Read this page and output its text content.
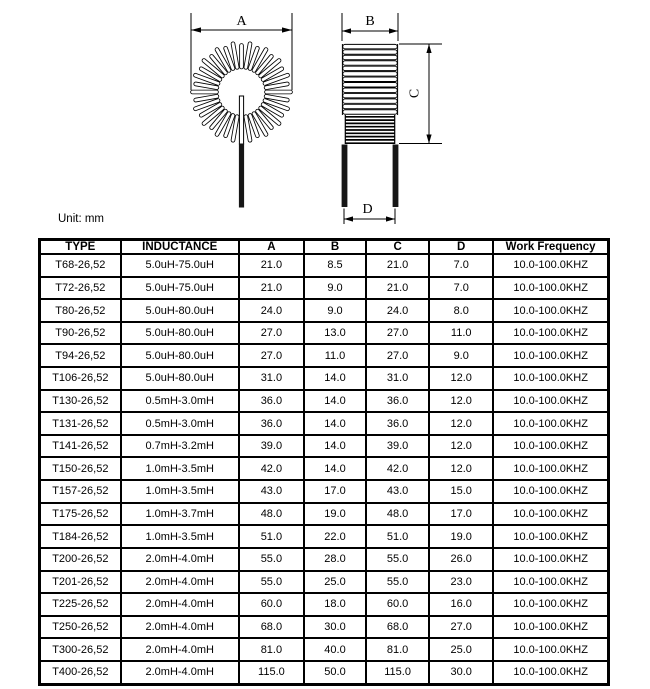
A	B
C
D
Unit: mm
TYPE	INDUCTANCE	A	B	C	D	Work Frequency
T68-26,52	5.0uH-75.0uH	21.0	8.5	21.0	7.0	10.0-100.0KHZ
T72-26,52	5.0uH-75.0uH	21.0	9.0	21.0	7.0	10.0-100.0KHZ
T80-26,52	5.0uH-80.0uH	24.0	9.0	24.0	8.0	10.0-100.0KHZ
T90-26,52	5.0uH-80.0uH	27.0	13.0	27.0	11.0	10.0-100.0KHZ
T94-26,52	5.0uH-80.0uH	27.0	11.0	27.0	9.0	10.0-100.0KHZ
T106-26,52	5.0uH-80.0uH	31.0	14.0	31.0	12.0	10.0-100.0KHZ
T130-26,52	0.5mH-3.0mH	36.0	14.0	36.0	12.0	10.0-100.0KHZ
T131-26,52	0.5mH-3.0mH	36.0	14.0	36.0	12.0	10.0-100.0KHZ
T141-26,52	0.7mH-3.2mH	39.0	14.0	39.0	12.0	10.0-100.0KHZ
T150-26,52	1.0mH-3.5mH	42.0	14.0	42.0	12.0	10.0-100.0KHZ
T157-26,52	1.0mH-3.5mH	43.0	17.0	43.0	15.0	10.0-100.0KHZ
T175-26,52	1.0mH-3.7mH	48.0	19.0	48.0	17.0	10.0-100.0KHZ
T184-26,52	1.0mH-3.5mH	51.0	22.0	51.0	19.0	10.0-100.0KHZ
T200-26,52	2.0mH-4.0mH	55.0	28.0	55.0	26.0	10.0-100.0KHZ
T201-26,52	2.0mH-4.0mH	55.0	25.0	55.0	23.0	10.0-100.0KHZ
T225-26,52	2.0mH-4.0mH	60.0	18.0	60.0	16.0	10.0-100.0KHZ
T250-26,52	2.0mH-4.0mH	68.0	30.0	68.0	27.0	10.0-100.0KHZ
T300-26,52	2.0mH-4.0mH	81.0	40.0	81.0	25.0	10.0-100.0KHZ
T400-26,52	2.0mH-4.0mH	115.0	50.0	115.0	30.0	10.0-100.0KHZ
